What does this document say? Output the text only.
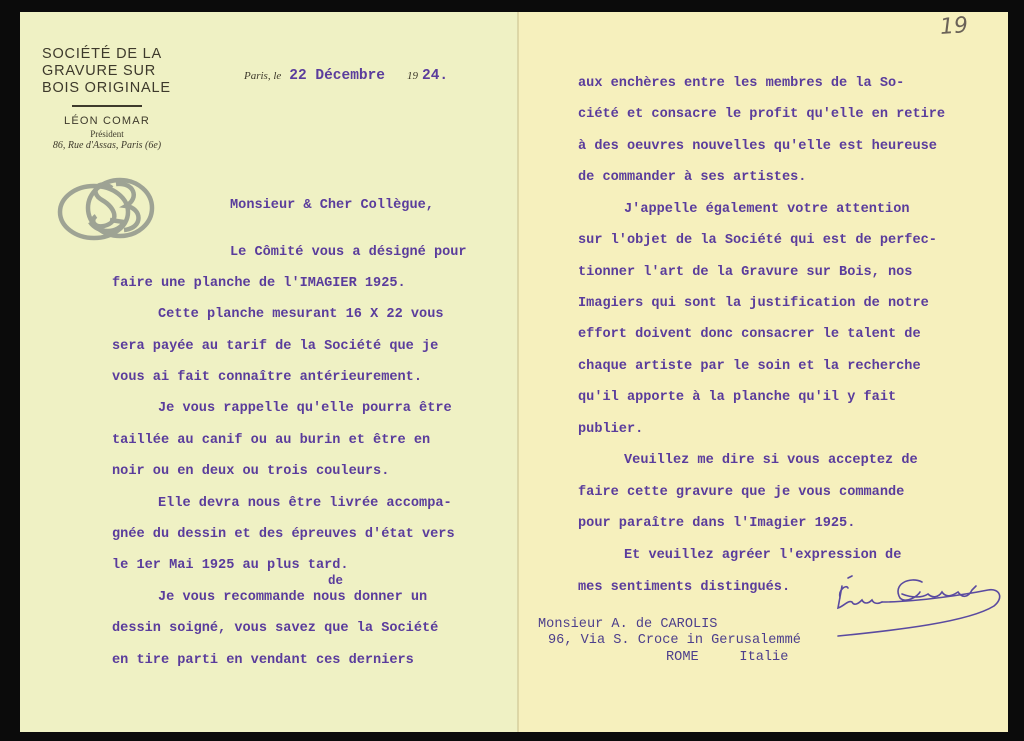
19
SOCIÉTÉ DE LA
GRAVURE SUR
BOIS ORIGINALE
LÉON COMAR
Président
86, Rue d'Assas, Paris (6e)
Paris, le 22 Décembre 19 24.
Monsieur & Cher Collègue,
Le Cômité vous a désigné pour
faire une planche de l'IMAGIER 1925.
Cette planche mesurant 16 X 22 vous
sera payée au tarif de la Société que je
vous ai fait connaître antérieurement.
Je vous rappelle qu'elle pourra être
taillée au canif ou au burin et être en
noir ou en deux ou trois couleurs.
Elle devra nous être livrée accompa-
gnée du dessin et des épreuves d'état vers
le 1er Mai 1925 au plus tard.
de
Je vous recommande nous donner un
dessin soigné, vous savez que la Société
en tire parti en vendant ces derniers
aux enchères entre les membres de la So-
ciété et consacre le profit qu'elle en retire
à des oeuvres nouvelles qu'elle est heureuse
de commander à ses artistes.
J'appelle également votre attention
sur l'objet de la Société qui est de perfec-
tionner l'art de la Gravure sur Bois, nos
Imagiers qui sont la justification de notre
effort doivent donc consacrer le talent de
chaque artiste par le soin et la recherche
qu'il apporte à la planche qu'il y fait
publier.
Veuillez me dire si vous acceptez de
faire cette gravure que je vous commande
pour paraître dans l'Imagier 1925.
Et veuillez agréer l'expression de
mes sentiments distingués.
Monsieur A. de CAROLIS
96, Via S. Croce in Gerusalemmé
ROME     Italie
